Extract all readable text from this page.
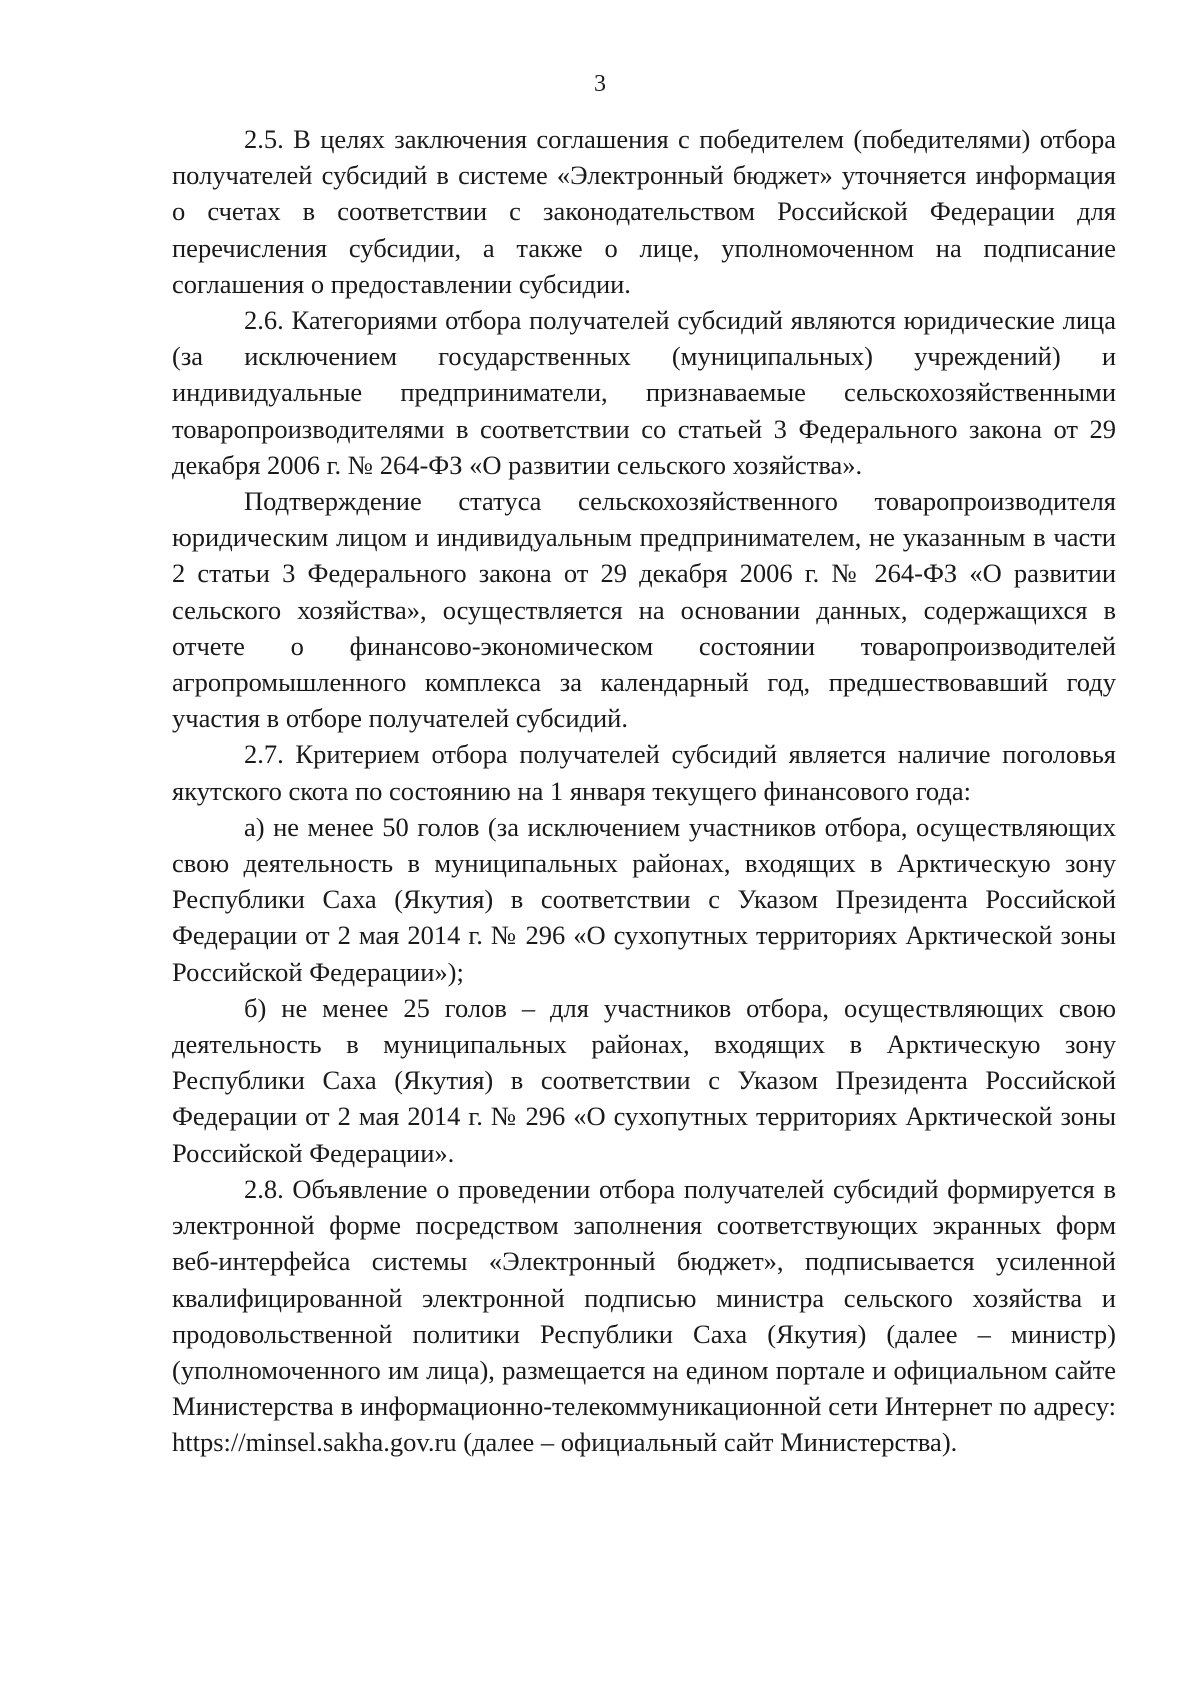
3

2.5. В целях заключения соглашения с победителем (победителями) отбора получателей субсидий в системе «Электронный бюджет» уточняется информация о счетах в соответствии с законодательством Российской Федерации для перечисления субсидии, а также о лице, уполномоченном на подписание соглашения о предоставлении субсидии.

2.6. Категориями отбора получателей субсидий являются юридические лица (за исключением государственных (муниципальных) учреждений) и индивидуальные предприниматели, признаваемые сельскохозяйственными товаропроизводителями в соответствии со статьей 3 Федерального закона от 29 декабря 2006 г. № 264-ФЗ «О развитии сельского хозяйства».

Подтверждение статуса сельскохозяйственного товаропроизводителя юридическим лицом и индивидуальным предпринимателем, не указанным в части 2 статьи 3 Федерального закона от 29 декабря 2006 г. № 264-ФЗ «О развитии сельского хозяйства», осуществляется на основании данных, содержащихся в отчете о финансово-экономическом состоянии товаропроизводителей агропромышленного комплекса за календарный год, предшествовавший году участия в отборе получателей субсидий.

2.7. Критерием отбора получателей субсидий является наличие поголовья якутского скота по состоянию на 1 января текущего финансового года:

а) не менее 50 голов (за исключением участников отбора, осуществляющих свою деятельность в муниципальных районах, входящих в Арктическую зону Республики Саха (Якутия) в соответствии с Указом Президента Российской Федерации от 2 мая 2014 г. № 296 «О сухопутных территориях Арктической зоны Российской Федерации»);

б) не менее 25 голов – для участников отбора, осуществляющих свою деятельность в муниципальных районах, входящих в Арктическую зону Республики Саха (Якутия) в соответствии с Указом Президента Российской Федерации от 2 мая 2014 г. № 296 «О сухопутных территориях Арктической зоны Российской Федерации».

2.8. Объявление о проведении отбора получателей субсидий формируется в электронной форме посредством заполнения соответствующих экранных форм веб-интерфейса системы «Электронный бюджет», подписывается усиленной квалифицированной электронной подписью министра сельского хозяйства и продовольственной политики Республики Саха (Якутия) (далее – министр) (уполномоченного им лица), размещается на едином портале и официальном сайте Министерства в информационно-телекоммуникационной сети Интернет по адресу: https://minsel.sakha.gov.ru (далее – официальный сайт Министерства).
